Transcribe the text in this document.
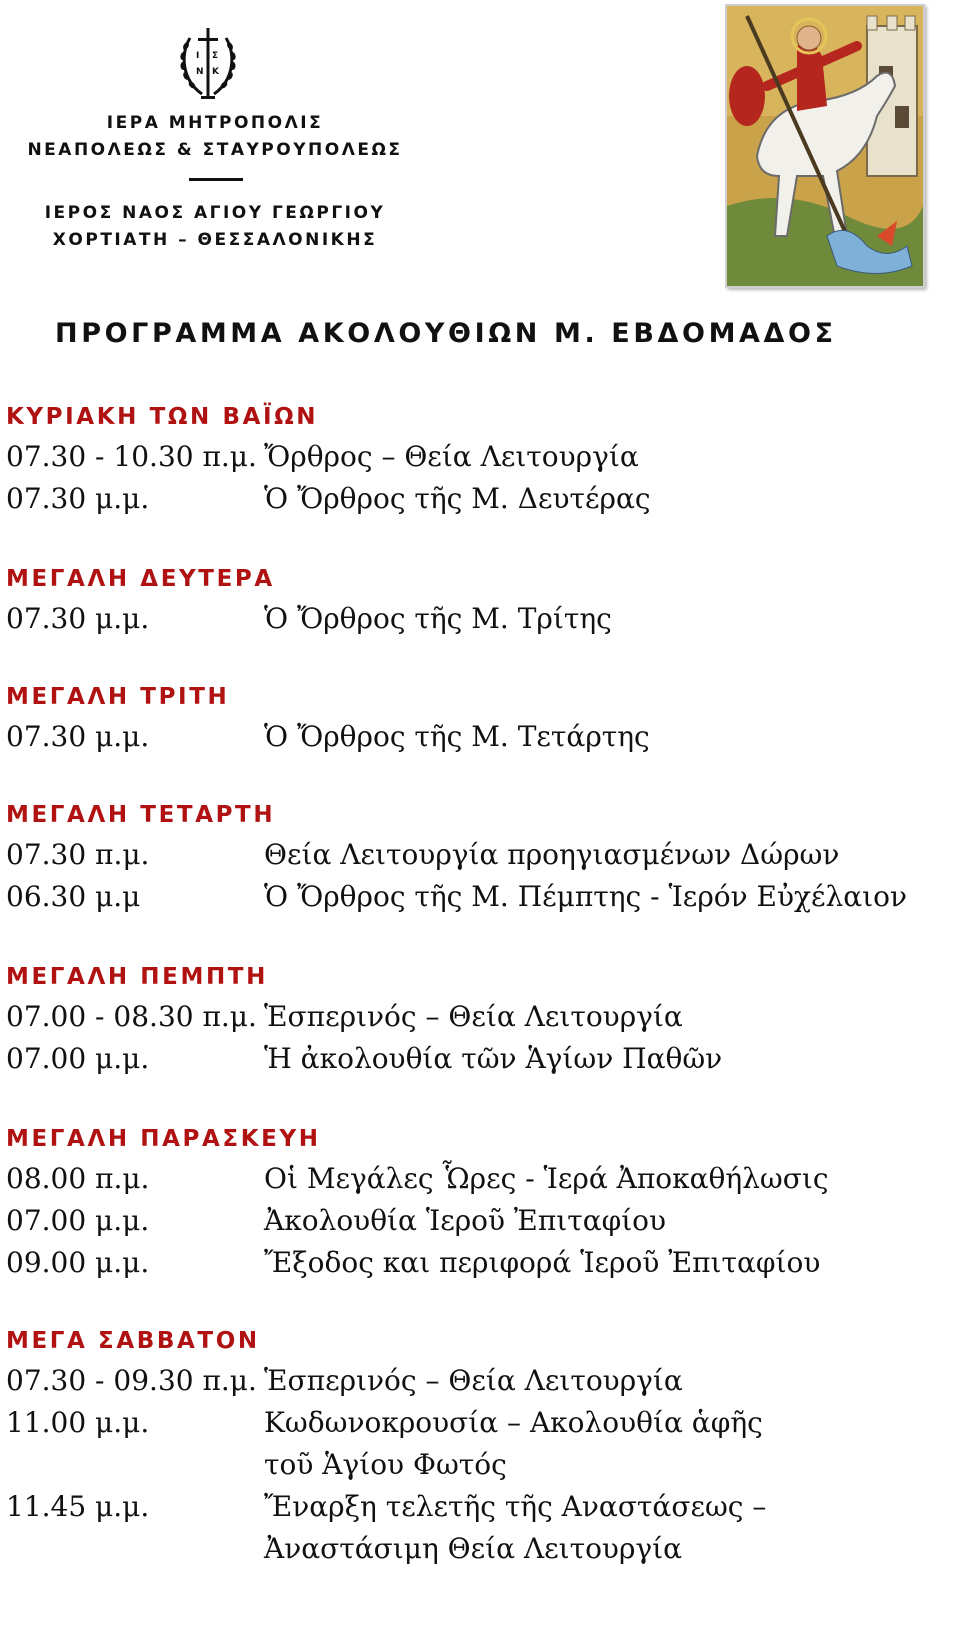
Ι Σ
Ν Κ
ΙΕΡΑ ΜΗΤΡΟΠΟΛΙΣ
ΝΕΑΠΟΛΕΩΣ & ΣΤΑΥΡΟΥΠΟΛΕΩΣ
ΙΕΡΟΣ ΝΑΟΣ ΑΓΙΟΥ ΓΕΩΡΓΙΟΥ
ΧΟΡΤΙΑΤΗ – ΘΕΣΣΑΛΟΝΙΚΗΣ
ΠΡΟΓΡΑΜΜΑ ΑΚΟΛΟΥΘΙΩΝ Μ. ΕΒΔΟΜΑΔΟΣ
ΚΥΡΙΑΚΗ ΤΩΝ ΒΑΪΩΝ
07.30 - 10.30 π.μ. Ὄρθρος – Θεία Λειτουργία
07.30 μ.μ.	Ὁ Ὄρθρος τῆς Μ. Δευτέρας
ΜΕΓΑΛΗ ΔΕΥΤΕΡΑ
07.30 μ.μ.	Ὁ Ὄρθρος τῆς Μ. Τρίτης
ΜΕΓΑΛΗ ΤΡΙΤΗ
07.30 μ.μ.	Ὁ Ὄρθρος τῆς Μ. Τετάρτης
ΜΕΓΑΛΗ ΤΕΤΑΡΤΗ
07.30 π.μ.	Θεία Λειτουργία προηγιασμένων Δώρων
06.30 μ.μ	Ὁ Ὄρθρος τῆς Μ. Πέμπτης - Ἱερόν Εὐχέλαιον
ΜΕΓΑΛΗ ΠΕΜΠΤΗ
07.00 - 08.30 π.μ. Ἑσπερινός – Θεία Λειτουργία
07.00 μ.μ.	Ἡ ἀκολουθία τῶν Ἁγίων Παθῶν
ΜΕΓΑΛΗ ΠΑΡΑΣΚΕΥΗ
08.00 π.μ.	Οἱ Μεγάλες Ὧρες - Ἱερά Ἀποκαθήλωσις
07.00 μ.μ.	Ἀκολουθία Ἱεροῦ Ἐπιταφίου
09.00 μ.μ.	Ἔξοδος και περιφορά Ἱεροῦ Ἐπιταφίου
ΜΕΓΑ ΣΑΒΒΑΤΟΝ
07.30 - 09.30 π.μ. Ἑσπερινός – Θεία Λειτουργία
11.00 μ.μ.	Κωδωνοκρουσία – Ακολουθία ἁφῆς
τοῦ Ἁγίου Φωτός
11.45 μ.μ.	Ἔναρξη τελετῆς τῆς Αναστάσεως –
Ἀναστάσιμη Θεία Λειτουργία
